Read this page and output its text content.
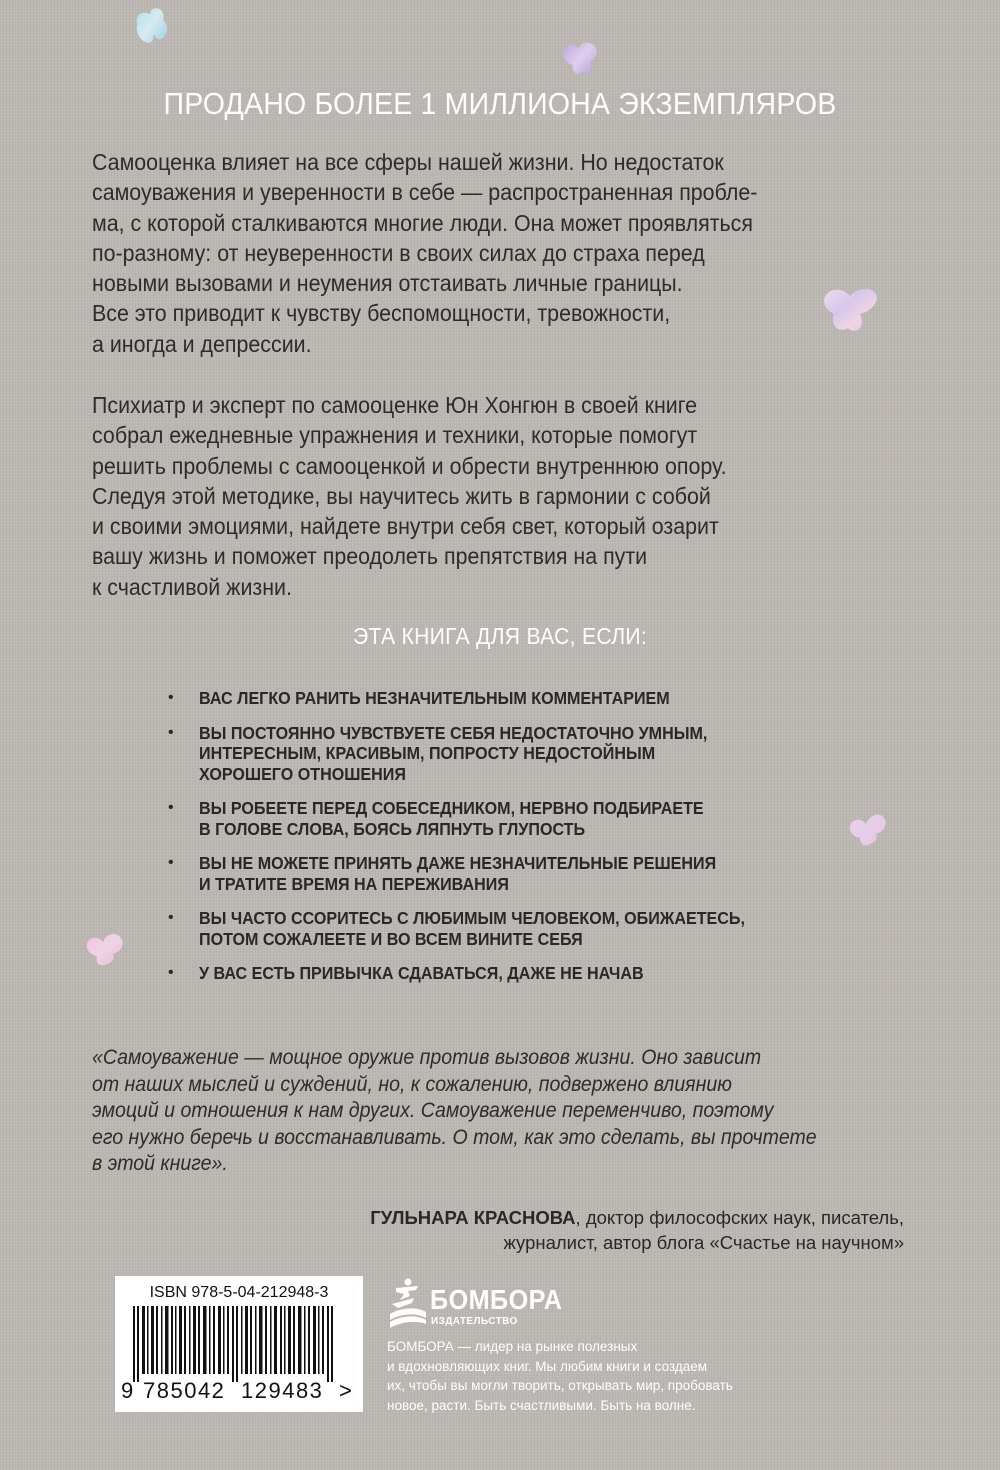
ПРОДАНО БОЛЕЕ 1 МИЛЛИОНА ЭКЗЕМПЛЯРОВ
Самооценка влияет на все сферы нашей жизни. Но недостаток
самоуважения и уверенности в себе — распространенная пробле-
ма, с которой сталкиваются многие люди. Она может проявляться
по-разному: от неуверенности в своих силах до страха перед
новыми вызовами и неумения отстаивать личные границы.
Все это приводит к чувству беспомощности, тревожности,
а иногда и депрессии.
Психиатр и эксперт по самооценке Юн Хонгюн в своей книге
собрал ежедневные упражнения и техники, которые помогут
решить проблемы с самооценкой и обрести внутреннюю опору.
Следуя этой методике, вы научитесь жить в гармонии с собой
и своими эмоциями, найдете внутри себя свет, который озарит
вашу жизнь и поможет преодолеть препятствия на пути
к счастливой жизни.
ЭТА КНИГА ДЛЯ ВАС, ЕСЛИ:
• ВАС ЛЕГКО РАНИТЬ НЕЗНАЧИТЕЛЬНЫМ КОММЕНТАРИЕМ
• ВЫ ПОСТОЯННО ЧУВСТВУЕТЕ СЕБЯ НЕДОСТАТОЧНО УМНЫМ,
ИНТЕРЕСНЫМ, КРАСИВЫМ, ПОПРОСТУ НЕДОСТОЙНЫМ
ХОРОШЕГО ОТНОШЕНИЯ
• ВЫ РОБЕЕТЕ ПЕРЕД СОБЕСЕДНИКОМ, НЕРВНО ПОДБИРАЕТЕ
В ГОЛОВЕ СЛОВА, БОЯСЬ ЛЯПНУТЬ ГЛУПОСТЬ
• ВЫ НЕ МОЖЕТЕ ПРИНЯТЬ ДАЖЕ НЕЗНАЧИТЕЛЬНЫЕ РЕШЕНИЯ
И ТРАТИТЕ ВРЕМЯ НА ПЕРЕЖИВАНИЯ
• ВЫ ЧАСТО ССОРИТЕСЬ С ЛЮБИМЫМ ЧЕЛОВЕКОМ, ОБИЖАЕТЕСЬ,
ПОТОМ СОЖАЛЕЕТЕ И ВО ВСЕМ ВИНИТЕ СЕБЯ
• У ВАС ЕСТЬ ПРИВЫЧКА СДАВАТЬСЯ, ДАЖЕ НЕ НАЧАВ
«Самоуважение — мощное оружие против вызовов жизни. Оно зависит
от наших мыслей и суждений, но, к сожалению, подвержено влиянию
эмоций и отношения к нам других. Самоуважение переменчиво, поэтому
его нужно беречь и восстанавливать. О том, как это сделать, вы прочтете
в этой книге».
ГУЛЬНАРА КРАСНОВА, доктор философских наук, писатель,
журналист, автор блога «Счастье на научном»
ISBN 978-5-04-212948-3
9 785042 129483 >
БОМБОРА
ИЗДАТЕЛЬСТВО
БОМБОРА — лидер на рынке полезных
и вдохновляющих книг. Мы любим книги и создаем
их, чтобы вы могли творить, открывать мир, пробовать
новое, расти. Быть счастливыми. Быть на волне.
